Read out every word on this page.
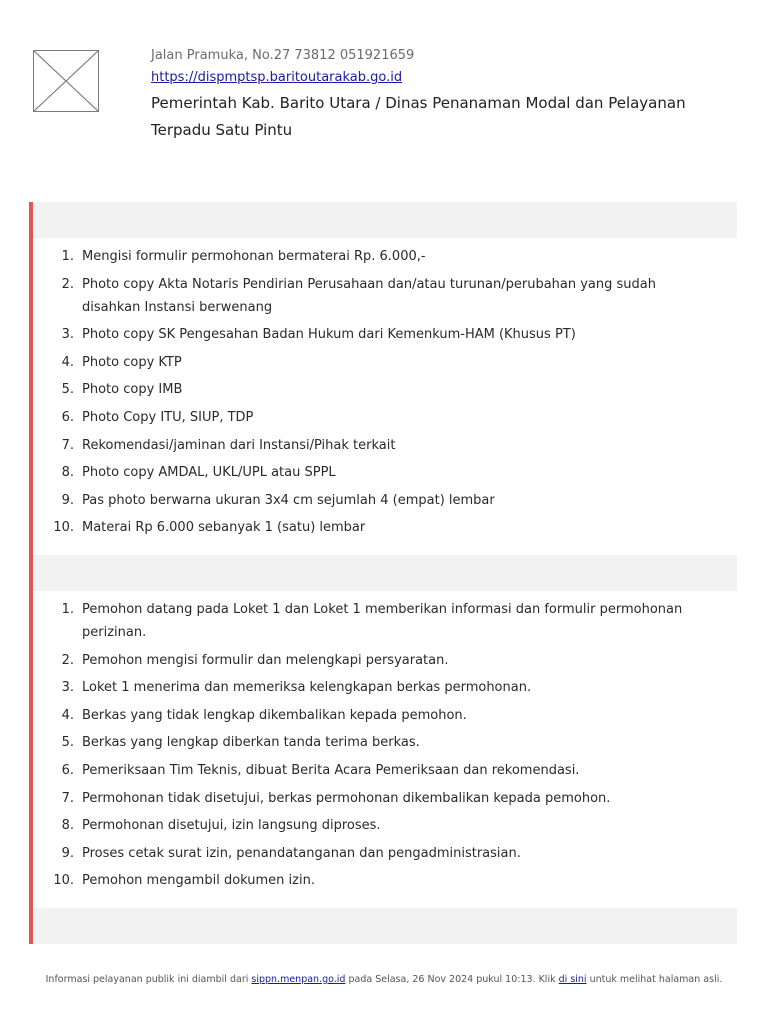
Jalan Pramuka, No.27 73812 051921659
https://dispmptsp.baritoutarakab.go.id
Pemerintah Kab. Barito Utara / Dinas Penanaman Modal dan Pelayanan
Terpadu Satu Pintu
1. Mengisi formulir permohonan bermaterai Rp. 6.000,-
2. Photo copy Akta Notaris Pendirian Perusahaan dan/atau turunan/perubahan yang sudah disahkan Instansi berwenang
3. Photo copy SK Pengesahan Badan Hukum dari Kemenkum-HAM (Khusus PT)
4. Photo copy KTP
5. Photo copy IMB
6. Photo Copy ITU, SIUP, TDP
7. Rekomendasi/jaminan dari Instansi/Pihak terkait
8. Photo copy AMDAL, UKL/UPL atau SPPL
9. Pas photo berwarna ukuran 3x4 cm sejumlah 4 (empat) lembar
10. Materai Rp 6.000 sebanyak 1 (satu) lembar
1. Pemohon datang pada Loket 1 dan Loket 1 memberikan informasi dan formulir permohonan perizinan.
2. Pemohon mengisi formulir dan melengkapi persyaratan.
3. Loket 1 menerima dan memeriksa kelengkapan berkas permohonan.
4. Berkas yang tidak lengkap dikembalikan kepada pemohon.
5. Berkas yang lengkap diberkan tanda terima berkas.
6. Pemeriksaan Tim Teknis, dibuat Berita Acara Pemeriksaan dan rekomendasi.
7. Permohonan tidak disetujui, berkas permohonan dikembalikan kepada pemohon.
8. Permohonan disetujui, izin langsung diproses.
9. Proses cetak surat izin, penandatanganan dan pengadministrasian.
10. Pemohon mengambil dokumen izin.
Informasi pelayanan publik ini diambil dari sippn.menpan.go.id pada Selasa, 26 Nov 2024 pukul 10:13. Klik di sini untuk melihat halaman asli.
